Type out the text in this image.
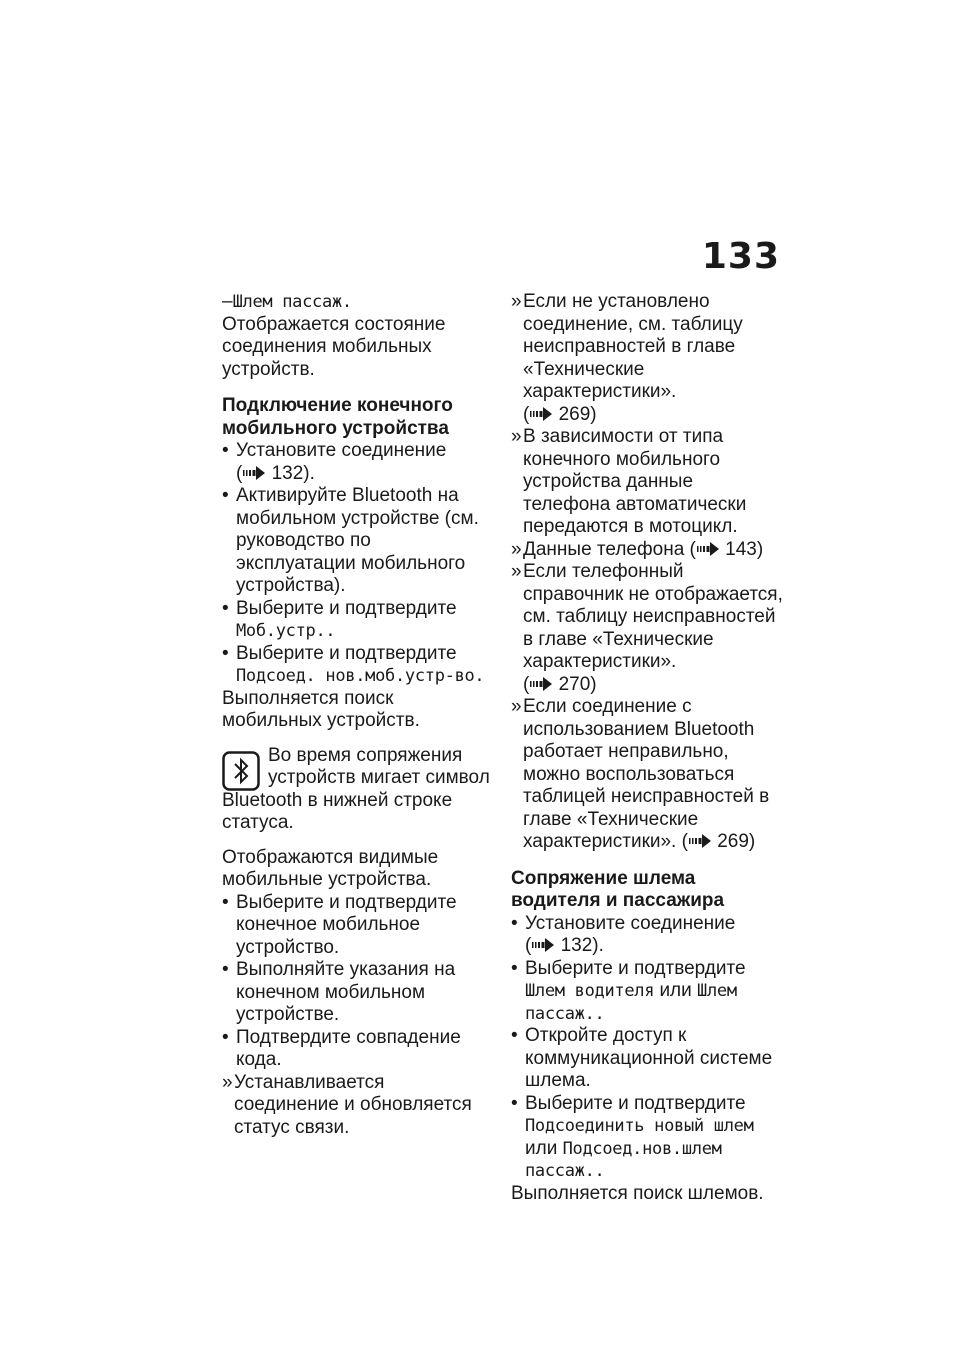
133

–Шлем пассаж.

Отображается состояние соединения мобильных устройств.

Подключение конечного мобильного устройства

• Установите соединение
( 132).
• Активируйте Bluetooth на мобильном устройстве (см. руководство по эксплуатации мобильного устройства).
• Выберите и подтвердите
Моб.устр..
• Выберите и подтвердите
Подсоед. нов.моб.устр-во.

Выполняется поиск мобильных устройств.

Во время сопряжения

устройств мигает символ

Bluetooth в нижней строке статуса.

Отображаются видимые мобильные устройства.

• Выберите и подтвердите конечное мобильное устройство.
• Выполняйте указания на конечном мобильном устройстве.
• Подтвердите совпадение кода.
» Устанавливается соединение и обновляется статус связи.
» Если не установлено соединение, см. таблицу неисправностей в главе «Технические характеристики».
( 269)
» В зависимости от типа конечного мобильного устройства данные телефона автоматически передаются в мотоцикл.
» Данные телефона ( 143)
» Если телефонный справочник не отображается, см. таблицу неисправностей в главе «Технические характеристики».
( 270)
» Если соединение с использованием Bluetooth работает неправильно, можно воспользоваться таблицей неисправностей в главе «Технические характеристики». ( 269)

Сопряжение шлема водителя и пассажира

• Установите соединение
( 132).
• Выберите и подтвердите
Шлем водителя или Шлем пассаж..
• Откройте доступ к коммуникационной системе шлема.
• Выберите и подтвердите
Подсоединить новый шлем
или Подсоед.нов.шлем пассаж..

Выполняется поиск шлемов.
